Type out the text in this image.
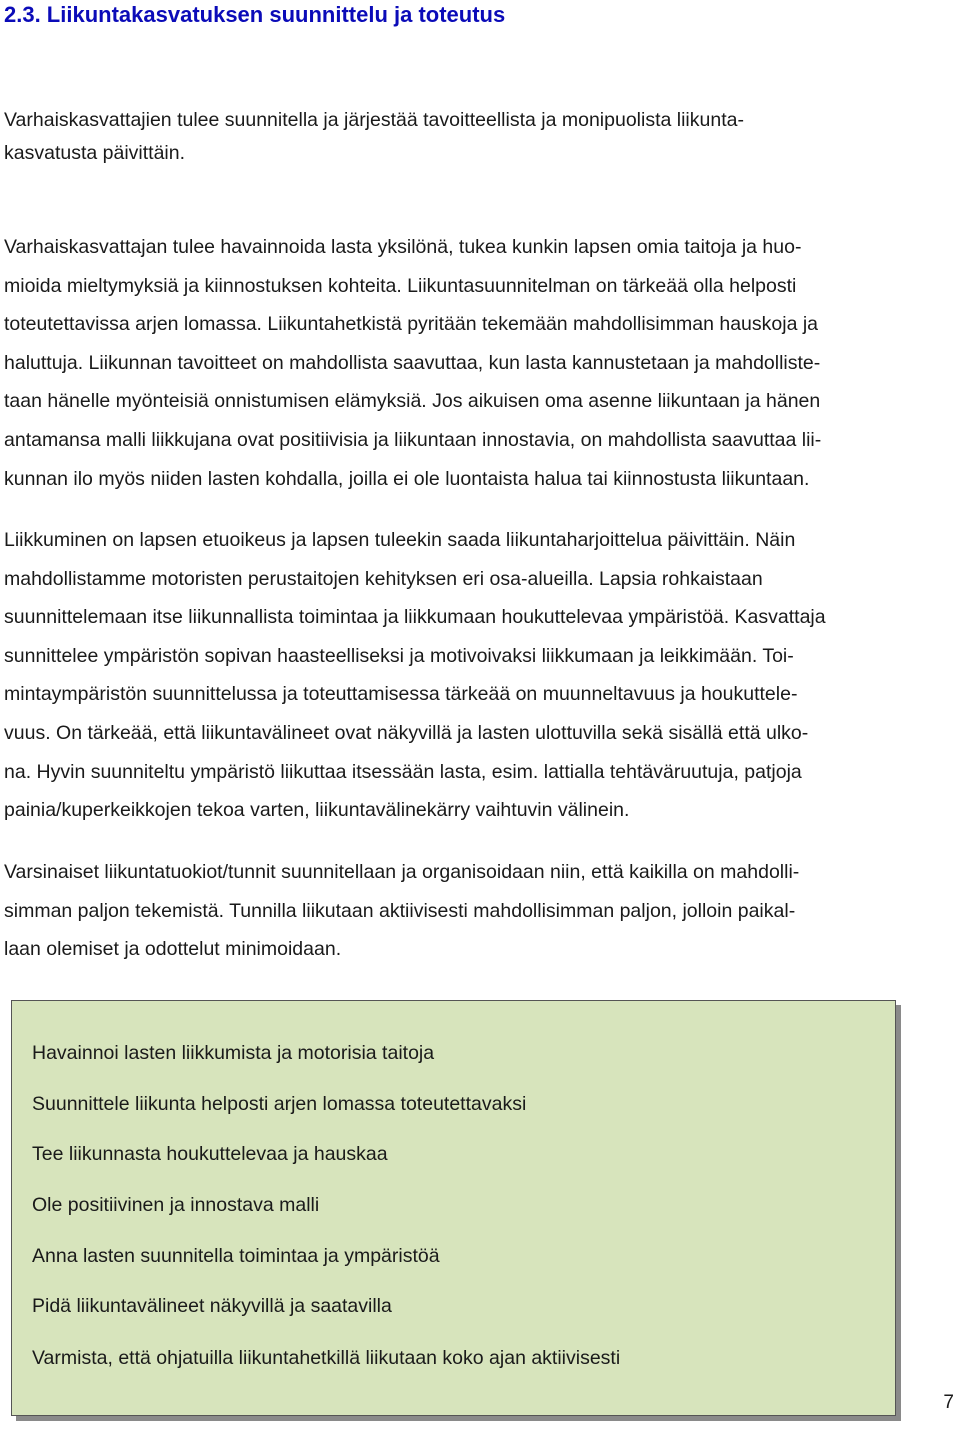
2.3. Liikuntakasvatuksen suunnittelu ja toteutus
Varhaiskasvattajien tulee suunnitella ja järjestää tavoitteellista ja monipuolista liikunta-
kasvatusta päivittäin.
Varhaiskasvattajan tulee havainnoida lasta yksilönä, tukea kunkin lapsen omia taitoja ja huo-
mioida mieltymyksiä ja kiinnostuksen kohteita. Liikuntasuunnitelman on tärkeää olla helposti
toteutettavissa arjen lomassa. Liikuntahetkistä pyritään tekemään mahdollisimman hauskoja ja
haluttuja. Liikunnan tavoitteet on mahdollista saavuttaa, kun lasta kannustetaan ja mahdolliste-
taan hänelle myönteisiä onnistumisen elämyksiä. Jos aikuisen oma asenne liikuntaan ja hänen
antamansa malli liikkujana ovat positiivisia ja liikuntaan innostavia, on mahdollista saavuttaa lii-
kunnan ilo myös niiden lasten kohdalla, joilla ei ole luontaista halua tai kiinnostusta liikuntaan.
Liikkuminen on lapsen etuoikeus ja lapsen tuleekin saada liikuntaharjoittelua päivittäin. Näin
mahdollistamme motoristen perustaitojen kehityksen eri osa-alueilla. Lapsia rohkaistaan
suunnittelemaan itse liikunnallista toimintaa ja liikkumaan houkuttelevaa ympäristöä. Kasvattaja
sunnittelee ympäristön sopivan haasteelliseksi ja motivoivaksi liikkumaan ja leikkimään. Toi-
mintaympäristön suunnittelussa ja toteuttamisessa tärkeää on muunneltavuus ja houkuttele-
vuus. On tärkeää, että liikuntavälineet ovat näkyvillä ja lasten ulottuvilla sekä sisällä että ulko-
na. Hyvin suunniteltu ympäristö liikuttaa itsessään lasta, esim. lattialla tehtäväruutuja, patjoja
painia/kuperkeikkojen tekoa varten, liikuntavälinekärry vaihtuvin välinein.
Varsinaiset liikuntatuokiot/tunnit suunnitellaan ja organisoidaan niin, että kaikilla on mahdolli-
simman paljon tekemistä. Tunnilla liikutaan aktiivisesti mahdollisimman paljon, jolloin paikal-
laan olemiset ja odottelut minimoidaan.

Havainnoi lasten liikkumista ja motorisia taitoja

Suunnittele liikunta helposti arjen lomassa toteutettavaksi

Tee liikunnasta houkuttelevaa ja hauskaa

Ole positiivinen ja innostava malli

Anna lasten suunnitella toimintaa ja ympäristöä

Pidä liikuntavälineet näkyvillä ja saatavilla

Varmista, että ohjatuilla liikuntahetkillä liikutaan koko ajan aktiivisesti

7
